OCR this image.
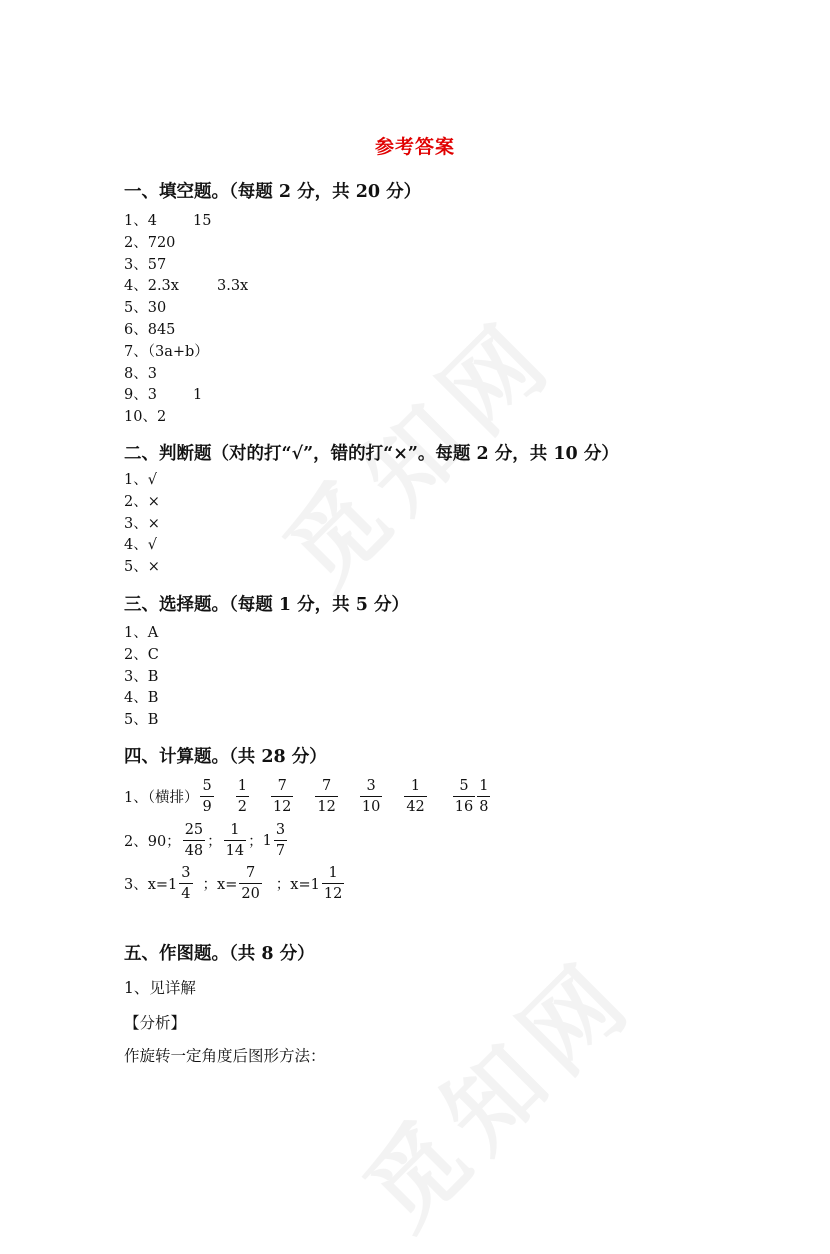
参考答案
一、填空题。（每题 2 分，共 20 分）
1、4 15
2、720
3、57
4、2.3x	3.3x
5、30
6、845
7、（3a+b）
8、3
9、3 1
10、2
二、判断题（对的打“√”，错的打“×”。每题 2 分，共 10 分）
1、√
2、×
3、×
4、√
5、×
三、选择题。（每题 1 分，共 5 分）
1、A
2、C
3、B
4、B
5、B
四、计算题。（共 28 分）
1、（横排） $\frac{5}{9} \frac{1}{2} \frac{7}{12} \frac{7}{12} \frac{3}{10} \frac{1}{42} \frac{5}{16} \frac{1}{8}$
2、90； $\frac{25}{48}$ ； $\frac{1}{14}$ ； $1 \frac{3}{7}$
3、$x=1 \frac{3}{4}$ ；$x= \frac{7}{20}$ ；$x=1 \frac{1}{12}$
五、作图题。（共 8 分）
1、见详解
【分析】
作旋转一定角度后图形方法：
